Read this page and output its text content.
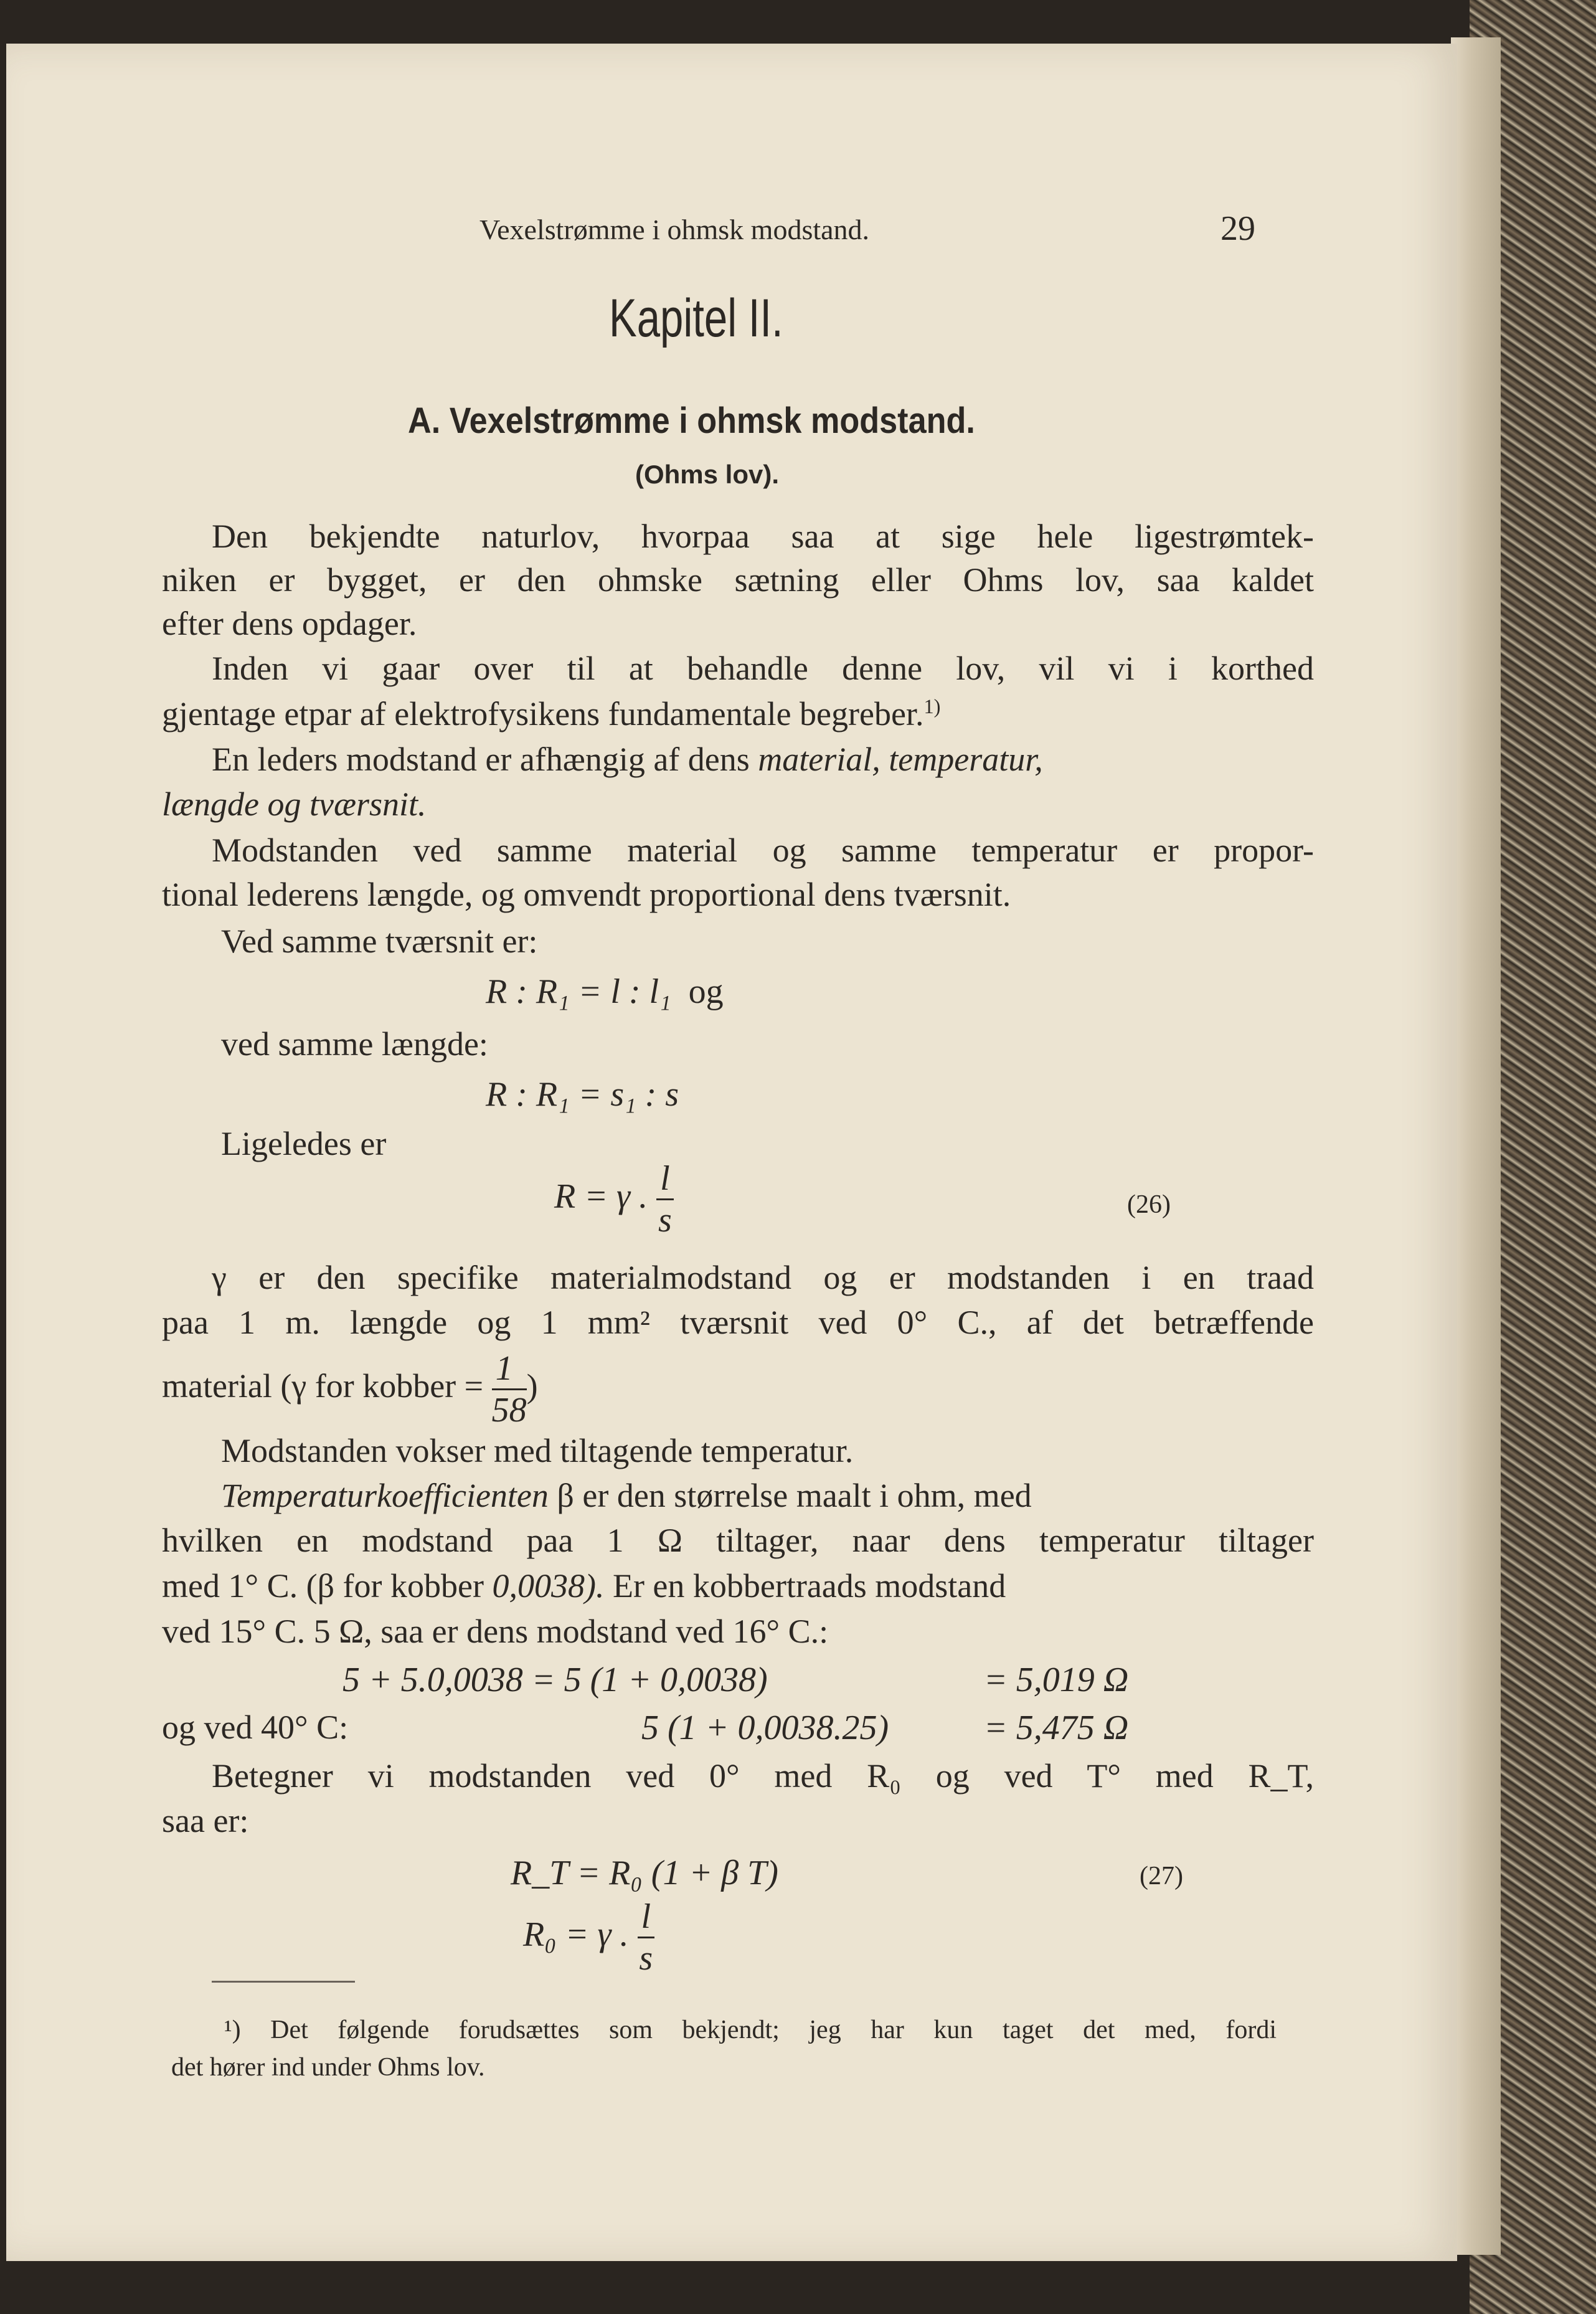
Vexelstrømme i ohmsk modstand.	29
Kapitel II.
A. Vexelstrømme i ohmsk modstand.
(Ohms lov).
Den bekjendte naturlov, hvorpaa saa at sige hele ligestrømtek-
niken er bygget, er den ohmske sætning eller Ohms lov, saa kaldet
efter dens opdager.
Inden vi gaar over til at behandle denne lov, vil vi i korthed
gjentage etpar af elektrofysikens fundamentale begreber.$^{1)}$
En leders modstand er afhængig af dens material, temperatur,
længde og tværsnit.
Modstanden ved samme material og samme temperatur er propor-
tional lederens længde, og omvendt proportional dens tværsnit.
Ved samme tværsnit er:
R : R₁ = l : l₁ og
ved samme længde:
R : R₁ = s₁ : s
Ligeledes er
R = γ . $\frac{l}{s}$	(26)
γ er den specifike materialmodstand og er modstanden i en traad
paa 1 m. længde og 1 mm² tværsnit ved 0° C., af det betræffende
material (γ for kobber = $\frac{1}{58}$ )
Modstanden vokser med tiltagende temperatur.
Temperaturkoefficienten β er den størrelse maalt i ohm, med
hvilken en modstand paa 1 Ω tiltager, naar dens temperatur tiltager
med 1° C. (β for kobber 0,0038). Er en kobbertraads modstand
ved 15° C. 5 Ω, saa er dens modstand ved 16° C.:
5 + 5.0,0038 = 5 (1 + 0,0038)	= 5,019 Ω
og ved 40° C:	5 (1 + 0,0038.25)	= 5,475 Ω
Betegner vi modstanden ved 0° med R₀ og ved T° med R_T,
saa er:
R_T = R₀ (1 + β T)	(27)
R₀ = γ . $\frac{l}{s}$
¹) Det følgende forudsættes som bekjendt; jeg har kun taget det med, fordi
det hører ind under Ohms lov.
